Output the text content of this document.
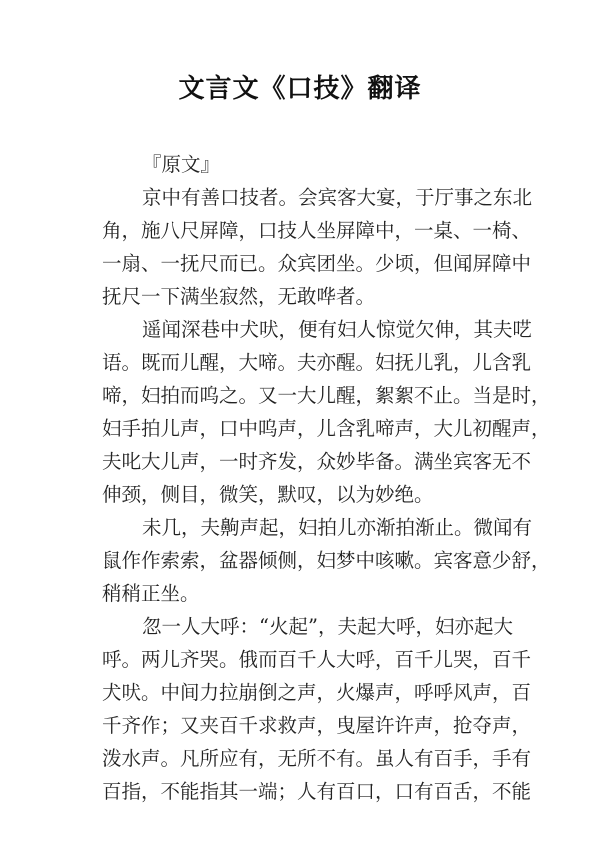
文言文《口技》翻译
『原文』
京中有善口技者。会宾客大宴，于厅事之东北
角，施八尺屏障，口技人坐屏障中，一桌、一椅、
一扇、一抚尺而已。众宾团坐。少顷，但闻屏障中
抚尺一下满坐寂然，无敢哗者。
遥闻深巷中犬吠，便有妇人惊觉欠伸，其夫呓
语。既而儿醒，大啼。夫亦醒。妇抚儿乳，儿含乳
啼，妇拍而呜之。又一大儿醒，絮絮不止。当是时，
妇手拍儿声，口中呜声，儿含乳啼声，大儿初醒声，
夫叱大儿声，一时齐发，众妙毕备。满坐宾客无不
伸颈，侧目，微笑，默叹，以为妙绝。
未几，夫齁声起，妇拍儿亦渐拍渐止。微闻有
鼠作作索索，盆器倾侧，妇梦中咳嗽。宾客意少舒，
稍稍正坐。
忽一人大呼：“火起”，夫起大呼，妇亦起大
呼。两儿齐哭。俄而百千人大呼，百千儿哭，百千
犬吠。中间力拉崩倒之声，火爆声，呼呼风声，百
千齐作；又夹百千求救声，曳屋许许声，抢夺声，
泼水声。凡所应有，无所不有。虽人有百手，手有
百指，不能指其一端；人有百口，口有百舌，不能
